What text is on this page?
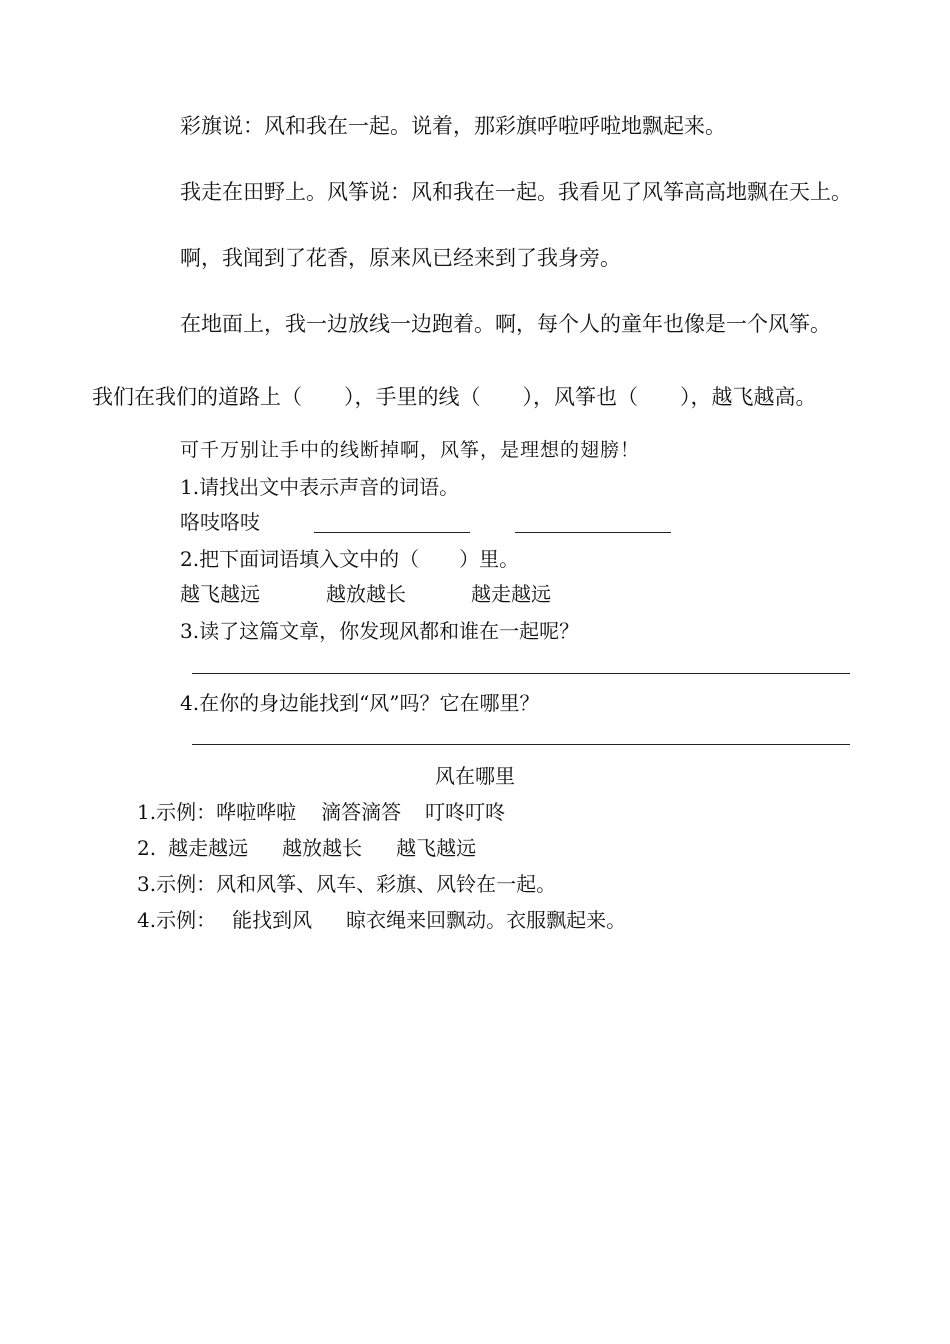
彩旗说：风和我在一起。说着，那彩旗呼啦呼啦地飘起来。
我走在田野上。风筝说：风和我在一起。我看见了风筝高高地飘在天上。
啊，我闻到了花香，原来风已经来到了我身旁。
在地面上，我一边放线一边跑着。啊，每个人的童年也像是一个风筝。
我们在我们的道路上（　　），手里的线（　　），风筝也（　　），越飞越高。
可千万别让手中的线断掉啊，风筝，是理想的翅膀！
1.请找出文中表示声音的词语。
咯吱咯吱
2.把下面词语填入文中的（　　）里。
越飞越远	越放越长	越走越远
3.读了这篇文章，你发现风都和谁在一起呢？
4.在你的身边能找到“风”吗？它在哪里？
风在哪里
1.示例：哗啦哗啦 滴答滴答 叮咚叮咚
2. 越走越远 越放越长 越飞越远
3.示例：风和风筝、风车、彩旗、风铃在一起。
4.示例： 能找到风 晾衣绳来回飘动。衣服飘起来。
